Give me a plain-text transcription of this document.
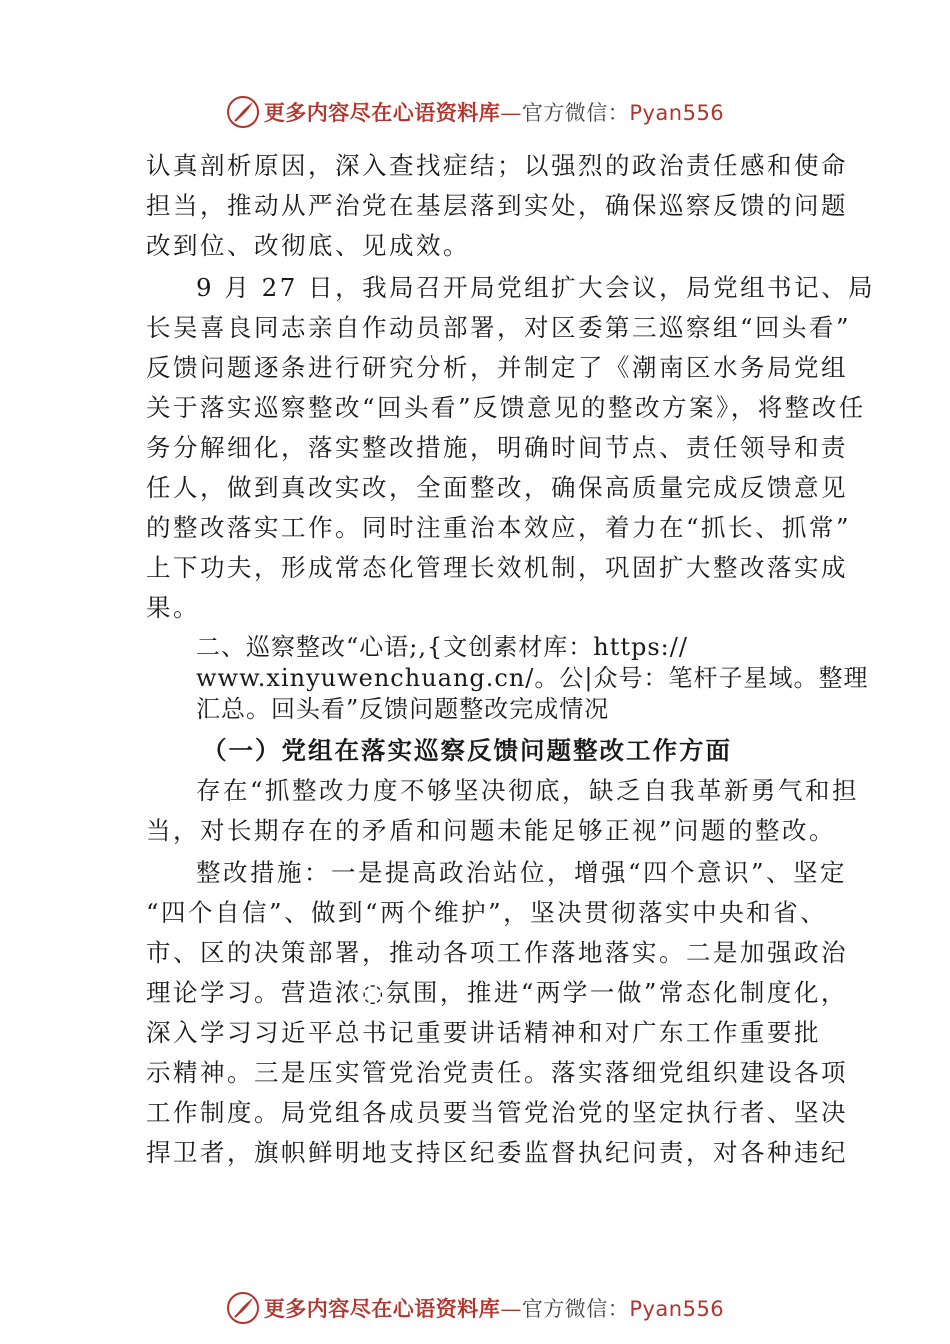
更多内容尽在心语资料库—官方微信：Pyan556
认真剖析原因，深入查找症结；以强烈的政治责任感和使命
担当，推动从严治党在基层落到实处，确保巡察反馈的问题
改到位、改彻底、见成效。
9 月 27 日，我局召开局党组扩大会议，局党组书记、局
长吴喜良同志亲自作动员部署，对区委第三巡察组“回头看”
反馈问题逐条进行研究分析，并制定了《潮南区水务局党组
关于落实巡察整改“回头看”反馈意见的整改方案》，将整改任
务分解细化，落实整改措施，明确时间节点、责任领导和责
任人，做到真改实改，全面整改，确保高质量完成反馈意见
的整改落实工作。同时注重治本效应，着力在“抓长、抓常”
上下功夫，形成常态化管理长效机制，巩固扩大整改落实成
果。
二、巡察整改“心语;,{文创素材库：https://
www.xinyuwenchuang.cn/。公|众号：笔杆子星域。整理
汇总。回头看”反馈问题整改完成情况
（一）党组在落实巡察反馈问题整改工作方面
存在“抓整改力度不够坚决彻底，缺乏自我革新勇气和担
当，对长期存在的矛盾和问题未能足够正视”问题的整改。
整改措施：一是提高政治站位，增强“四个意识”、坚定
“四个自信”、做到“两个维护”，坚决贯彻落实中央和省、
市、区的决策部署，推动各项工作落地落实。二是加强政治
理论学习。营造浓◌氛围，推进“两学一做”常态化制度化，
深入学习习近平总书记重要讲话精神和对广东工作重要批
示精神。三是压实管党治党责任。落实落细党组织建设各项
工作制度。局党组各成员要当管党治党的坚定执行者、坚决
捍卫者，旗帜鲜明地支持区纪委监督执纪问责，对各种违纪
更多内容尽在心语资料库—官方微信：Pyan556
